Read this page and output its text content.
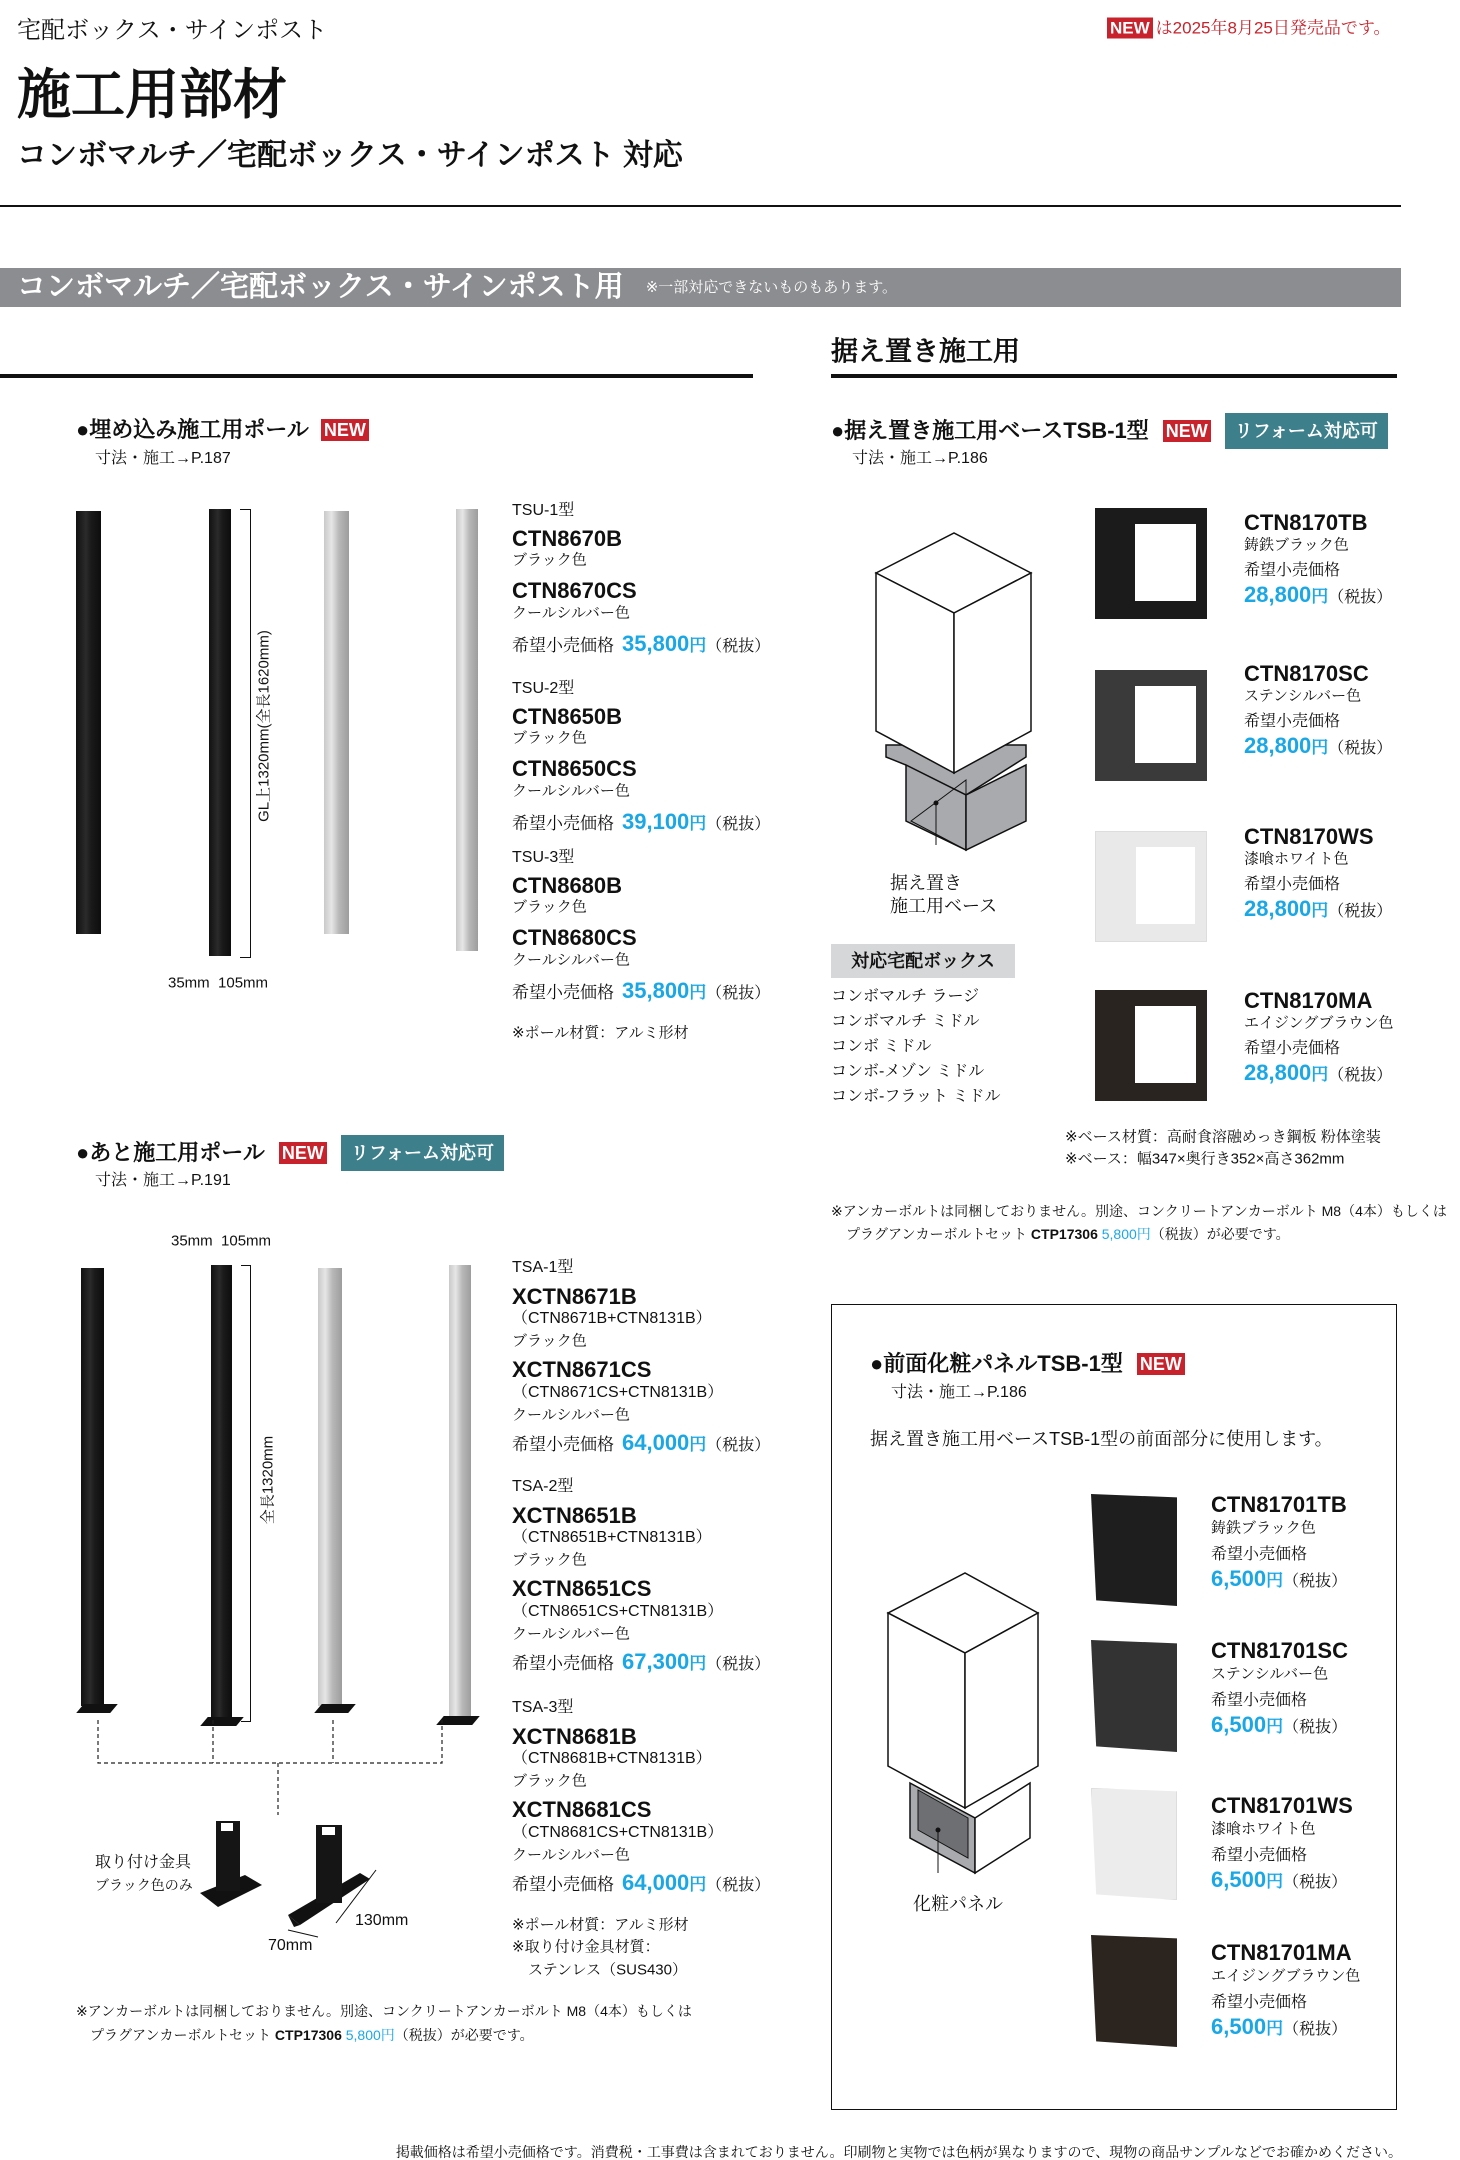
宅配ボックス・サインポスト	NEW は2025年8月25日発売品です。
施工用部材
コンボマルチ／宅配ボックス・サインポスト 対応
コンボマルチ／宅配ボックス・サインポスト用 ※一部対応できないものもあります。
据え置き施工用
●埋め込み施工用ポール NEW
寸法・施工→P.187
GL上1320mm(全長1620mm)
35mm  105mm
TSU-1型
CTN8670B
ブラック色
CTN8670CS
クールシルバー色
希望小売価格 35,800 円 （税抜）
TSU-2型
CTN8650B
ブラック色
CTN8650CS
クールシルバー色
希望小売価格 39,100 円 （税抜）
TSU-3型
CTN8680B
ブラック色
CTN8680CS
クールシルバー色
希望小売価格 35,800 円 （税抜）
※ポール材質：アルミ形材
●あと施工用ポール NEW	リフォーム対応可
寸法・施工→P.191
35mm  105mm
全長1320mm
取り付け金具
ブラック色のみ
130mm
70mm
TSA-1型
XCTN8671B
（CTN8671B+CTN8131B）
ブラック色
XCTN8671CS
（CTN8671CS+CTN8131B）
クールシルバー色
希望小売価格 64,000 円 （税抜）
TSA-2型
XCTN8651B
（CTN8651B+CTN8131B）
ブラック色
XCTN8651CS
（CTN8651CS+CTN8131B）
クールシルバー色
希望小売価格 67,300 円 （税抜）
TSA-3型
XCTN8681B
（CTN8681B+CTN8131B）
ブラック色
XCTN8681CS
（CTN8681CS+CTN8131B）
クールシルバー色
希望小売価格 64,000 円 （税抜）
※ポール材質：アルミ形材
※取り付け金具材質：
ステンレス（SUS430）
※アンカーボルトは同梱しておりません。別途、コンクリートアンカーボルト M8（4本）もしくは
プラグアンカーボルトセット CTP17306 5,800円（税抜）が必要です。
●据え置き施工用ベースTSB-1型 NEW	リフォーム対応可
寸法・施工→P.186
据え置き
施工用ベース
対応宅配ボックス
コンボマルチ ラージ
コンボマルチ ミドル
コンボ ミドル
コンボ-メゾン ミドル
コンボ-フラット ミドル
CTN8170TB
鋳鉄ブラック色
希望小売価格
28,800 円 （税抜）
CTN8170SC
ステンシルバー色
希望小売価格
28,800 円 （税抜）
CTN8170WS
漆喰ホワイト色
希望小売価格
28,800 円 （税抜）
CTN8170MA
エイジングブラウン色
希望小売価格
28,800 円 （税抜）
※ベース材質：高耐食溶融めっき鋼板 粉体塗装
※ベース：幅347×奥行き352×高さ362mm
※アンカーボルトは同梱しておりません。別途、コンクリートアンカーボルト M8（4本）もしくは
プラグアンカーボルトセット CTP17306 5,800円（税抜）が必要です。
●前面化粧パネルTSB-1型 NEW
寸法・施工→P.186
据え置き施工用ベースTSB-1型の前面部分に使用します。
化粧パネル
CTN81701TB
鋳鉄ブラック色
希望小売価格
6,500 円 （税抜）
CTN81701SC
ステンシルバー色
希望小売価格
6,500 円 （税抜）
CTN81701WS
漆喰ホワイト色
希望小売価格
6,500 円 （税抜）
CTN81701MA
エイジングブラウン色
希望小売価格
6,500 円 （税抜）
掲載価格は希望小売価格です。消費税・工事費は含まれておりません。印刷物と実物では色柄が異なりますので、現物の商品サンプルなどでお確かめください。
